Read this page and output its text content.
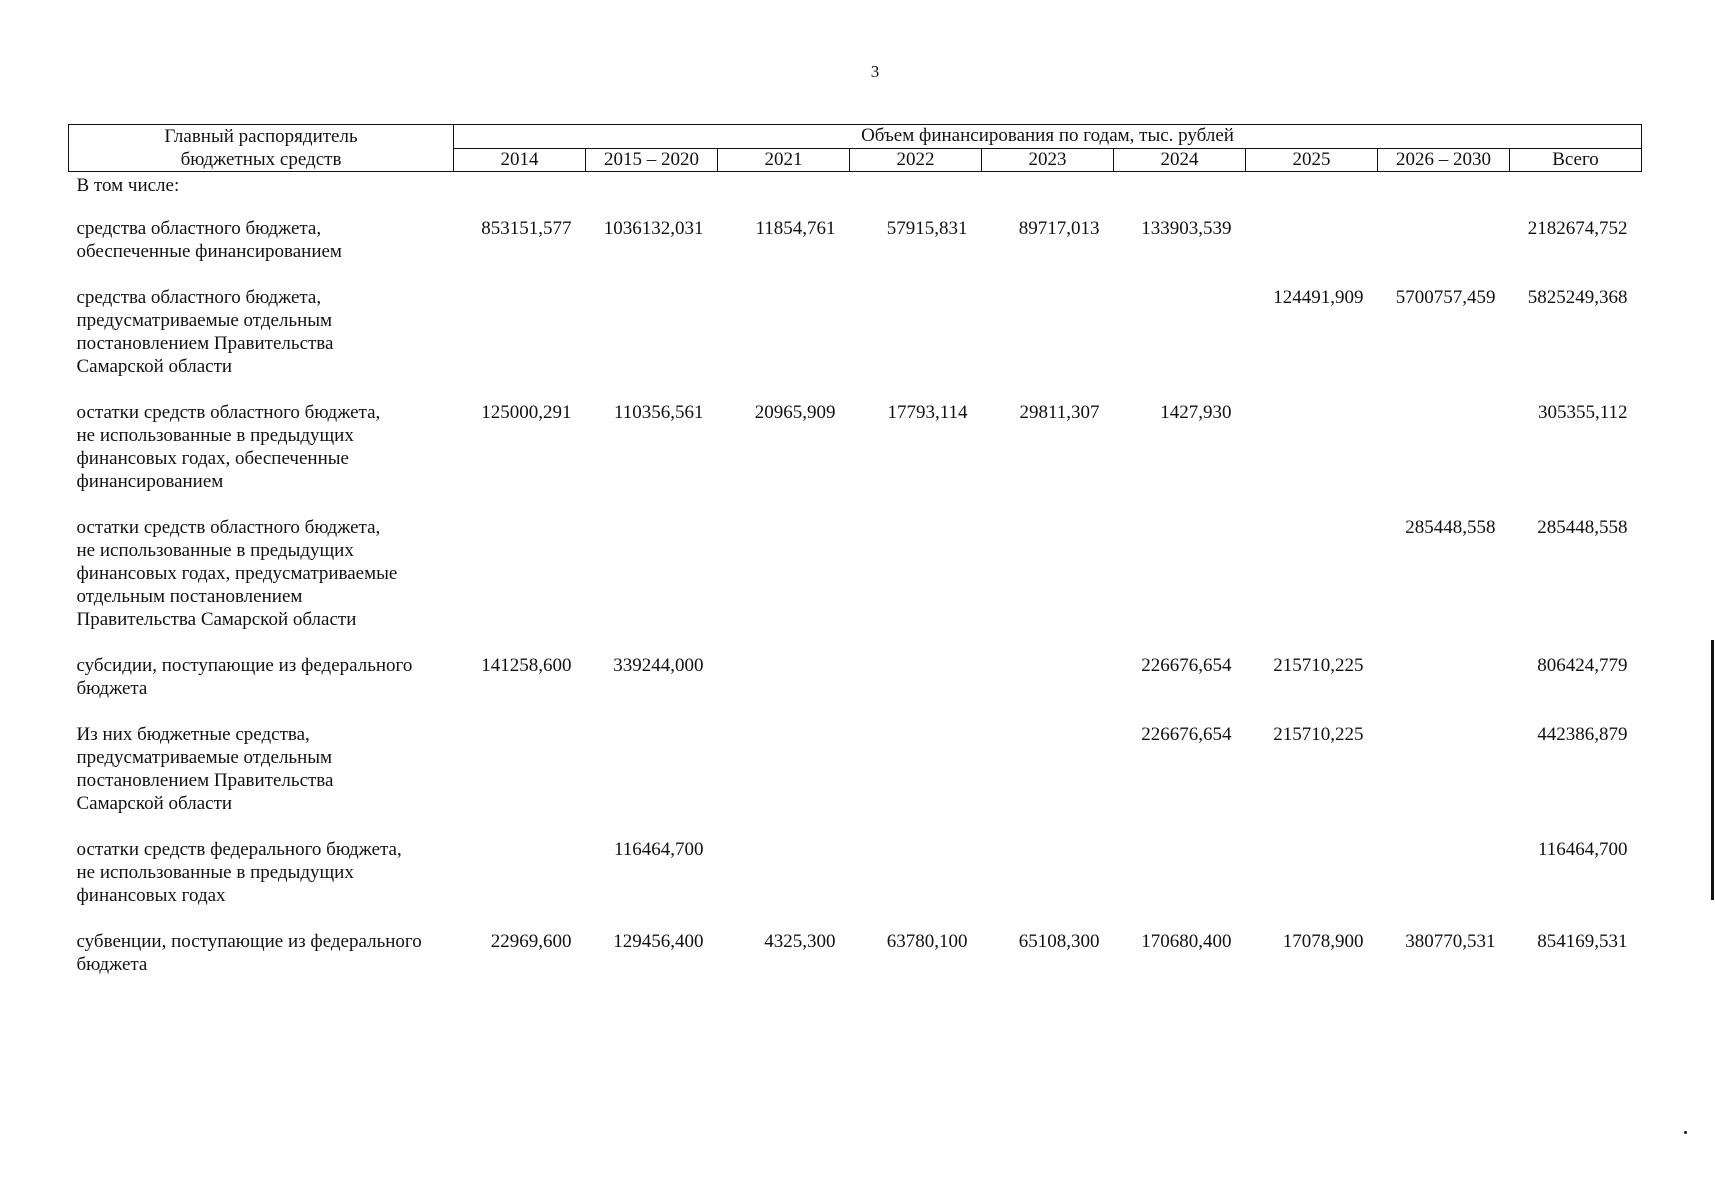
3
Главный распорядитель
бюджетных средств	Объем финансирования по годам, тыс. рублей								
	2014	2015 – 2020	2021	2022	2023	2024	2025	2026 – 2030	Всего
В том числе:									

средства областного бюджета,
обеспеченные финансированием	853151,577	1036132,031	11854,761	57915,831	89717,013	133903,539			2182674,752

средства областного бюджета,
предусматриваемые отдельным
постановлением Правительства
Самарской области							124491,909	5700757,459	5825249,368

остатки средств областного бюджета,
не использованные в предыдущих
финансовых годах, обеспеченные
финансированием	125000,291	110356,561	20965,909	17793,114	29811,307	1427,930			305355,112

остатки средств областного бюджета,
не использованные в предыдущих
финансовых годах, предусматриваемые
отдельным постановлением
Правительства Самарской области								285448,558	285448,558

субсидии, поступающие из федерального
бюджета	141258,600	339244,000				226676,654	215710,225		806424,779

Из них бюджетные средства,
предусматриваемые отдельным
постановлением Правительства
Самарской области						226676,654	215710,225		442386,879

остатки средств федерального бюджета,
не использованные в предыдущих
финансовых годах		116464,700							116464,700

субвенции, поступающие из федерального
бюджета	22969,600	129456,400	4325,300	63780,100	65108,300	170680,400	17078,900	380770,531	854169,531
